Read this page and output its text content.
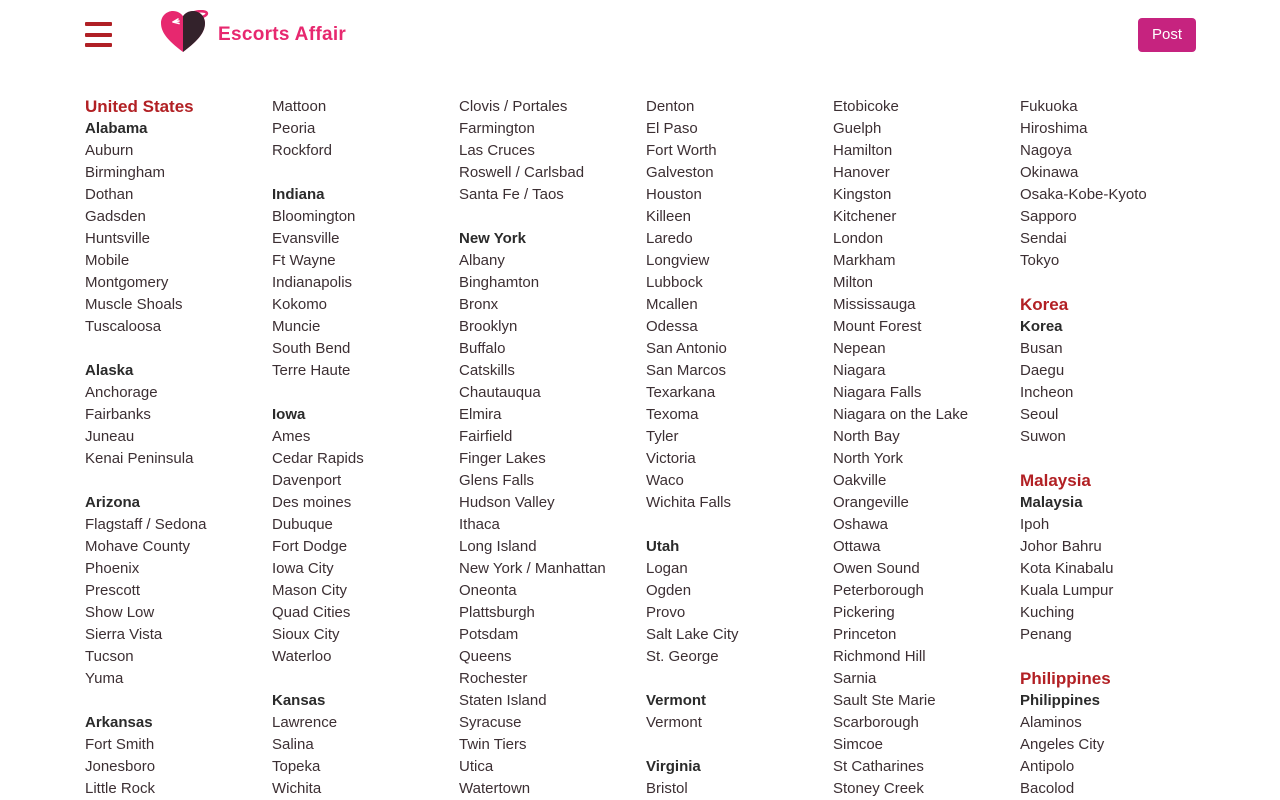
Escorts Affair	Post
United States
Alabama
Auburn
Birmingham
Dothan
Gadsden
Huntsville
Mobile
Montgomery
Muscle Shoals
Tuscaloosa
Alaska
Anchorage
Fairbanks
Juneau
Kenai Peninsula
Arizona
Flagstaff / Sedona
Mohave County
Phoenix
Prescott
Show Low
Sierra Vista
Tucson
Yuma
Arkansas
Fort Smith
Jonesboro
Little Rock
Mattoon
Peoria
Rockford
Indiana
Bloomington
Evansville
Ft Wayne
Indianapolis
Kokomo
Muncie
South Bend
Terre Haute
Iowa
Ames
Cedar Rapids
Davenport
Des moines
Dubuque
Fort Dodge
Iowa City
Mason City
Quad Cities
Sioux City
Waterloo
Kansas
Lawrence
Salina
Topeka
Wichita
Clovis / Portales
Farmington
Las Cruces
Roswell / Carlsbad
Santa Fe / Taos
New York
Albany
Binghamton
Bronx
Brooklyn
Buffalo
Catskills
Chautauqua
Elmira
Fairfield
Finger Lakes
Glens Falls
Hudson Valley
Ithaca
Long Island
New York / Manhattan
Oneonta
Plattsburgh
Potsdam
Queens
Rochester
Staten Island
Syracuse
Twin Tiers
Utica
Watertown
Denton
El Paso
Fort Worth
Galveston
Houston
Killeen
Laredo
Longview
Lubbock
Mcallen
Odessa
San Antonio
San Marcos
Texarkana
Texoma
Tyler
Victoria
Waco
Wichita Falls
Utah
Logan
Ogden
Provo
Salt Lake City
St. George
Vermont
Vermont
Virginia
Bristol
Etobicoke
Guelph
Hamilton
Hanover
Kingston
Kitchener
London
Markham
Milton
Mississauga
Mount Forest
Nepean
Niagara
Niagara Falls
Niagara on the Lake
North Bay
North York
Oakville
Orangeville
Oshawa
Ottawa
Owen Sound
Peterborough
Pickering
Princeton
Richmond Hill
Sarnia
Sault Ste Marie
Scarborough
Simcoe
St Catharines
Stoney Creek
Fukuoka
Hiroshima
Nagoya
Okinawa
Osaka-Kobe-Kyoto
Sapporo
Sendai
Tokyo
Korea
Korea
Busan
Daegu
Incheon
Seoul
Suwon
Malaysia
Malaysia
Ipoh
Johor Bahru
Kota Kinabalu
Kuala Lumpur
Kuching
Penang
Philippines
Philippines
Alaminos
Angeles City
Antipolo
Bacolod
